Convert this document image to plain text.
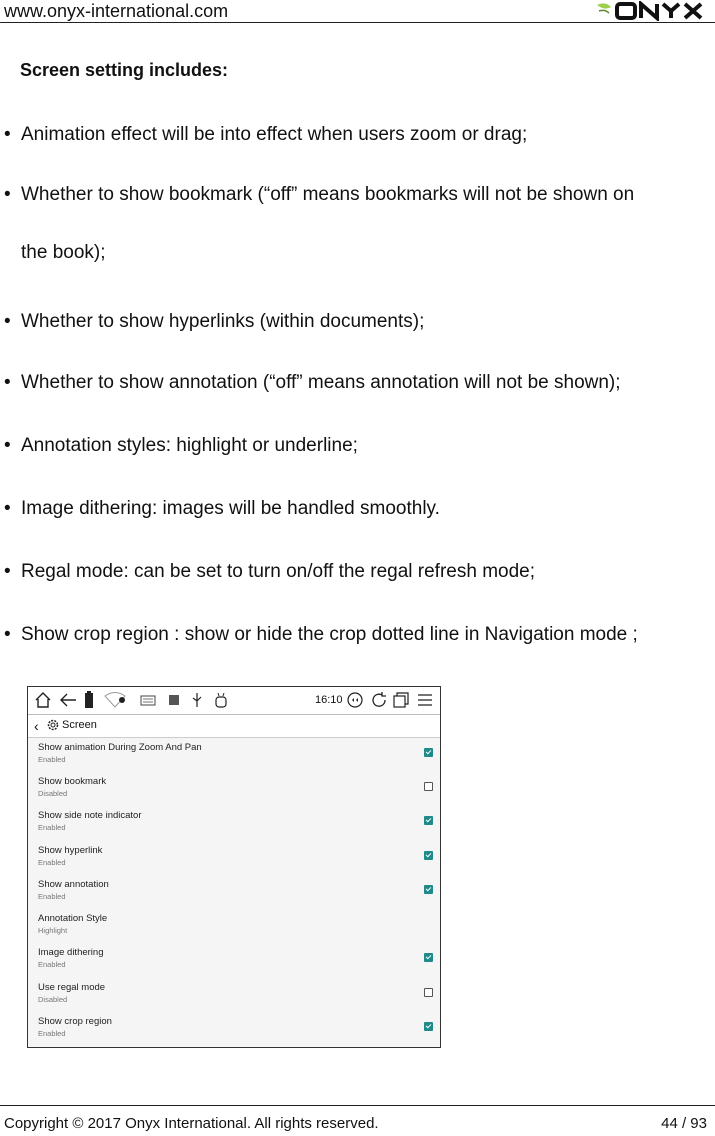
www.onyx-international.com
Screen setting includes:
• Animation effect will be into effect when users zoom or drag;
• Whether to show bookmark (“off” means bookmarks will not be shown on
the book);
• Whether to show hyperlinks (within documents);
• Whether to show annotation (“off” means annotation will not be shown);
• Annotation styles: highlight or underline;
• Image dithering: images will be handled smoothly.
• Regal mode: can be set to turn on/off the regal refresh mode;
• Show crop region : show or hide the crop dotted line in Navigation mode ;
16:10
‹ Screen
Show animation During Zoom And Pan
Enabled
Show bookmark
Disabled
Show side note indicator
Enabled
Show hyperlink
Enabled
Show annotation
Enabled
Annotation Style
Highlight
Image dithering
Enabled
Use regal mode
Disabled
Show crop region
Enabled
Copyright © 2017 Onyx International. All rights reserved.	44 / 93
